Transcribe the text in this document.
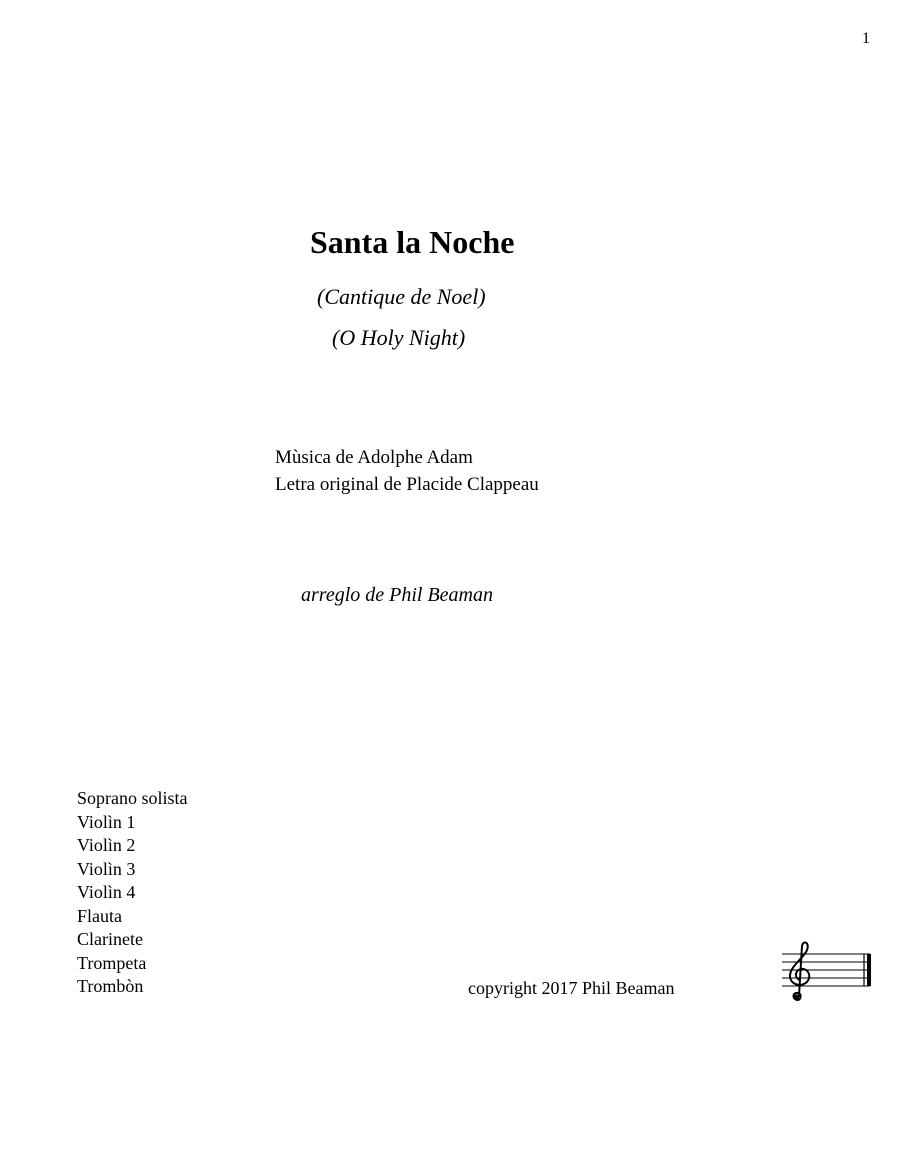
1
Santa la Noche
(Cantique de Noel)
(O Holy Night)
Mùsica de Adolphe Adam
Letra original de Placide Clappeau
arreglo de Phil Beaman
Soprano solista
Violìn 1
Violìn 2
Violìn 3
Violìn 4
Flauta
Clarinete
Trompeta
Trombòn	copyright 2017 Phil Beaman
